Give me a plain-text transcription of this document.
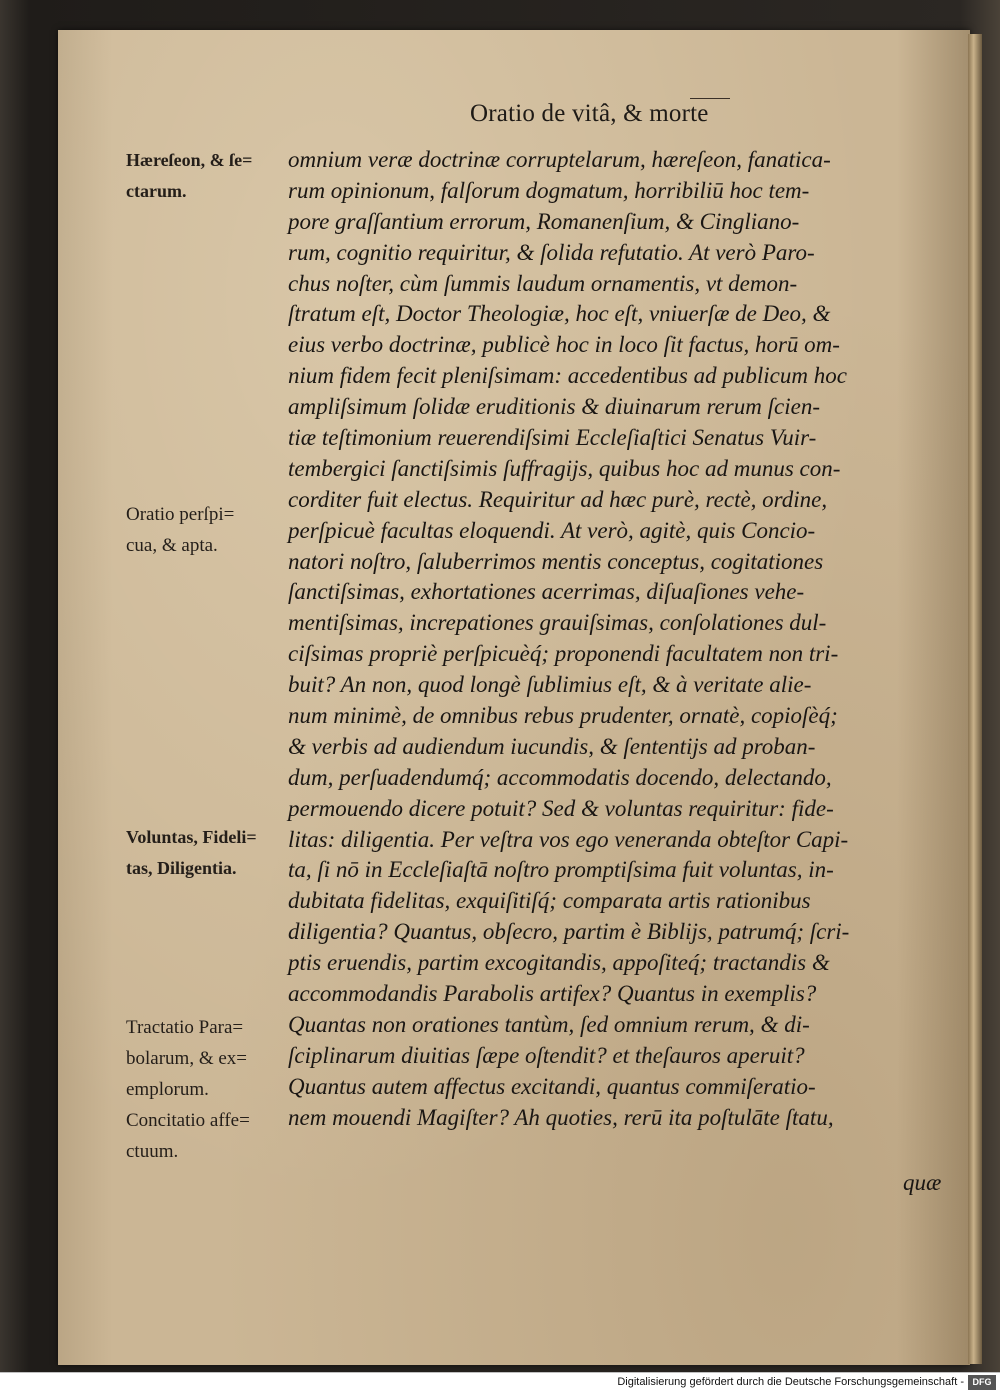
Oratio de vitâ, & morte
omnium veræ doctrinæ corruptelarum, hæreſeon, fanatica-
rum opinionum, falſorum dogmatum, horribiliū hoc tem-
pore graſſantium errorum, Romanenſium, & Cingliano-
rum, cognitio requiritur, & ſolida refutatio. At verò Paro-
chus noſter, cùm ſummis laudum ornamentis, vt demon-
ſtratum eſt, Doctor Theologiæ, hoc eſt, vniuerſæ de Deo, &
eius verbo doctrinæ, publicè hoc in loco ſit factus, horū om-
nium fidem fecit pleniſsimam: accedentibus ad publicum hoc
ampliſsimum ſolidæ eruditionis & diuinarum rerum ſcien-
tiæ teſtimonium reuerendiſsimi Eccleſiaſtici Senatus Vuir-
tembergici ſanctiſsimis ſuffragijs, quibus hoc ad munus con-
corditer fuit electus. Requiritur ad hæc purè, rectè, ordine,
perſpicuè facultas eloquendi. At verò, agitè, quis Concio-
natori noſtro, ſaluberrimos mentis conceptus, cogitationes
ſanctiſsimas, exhortationes acerrimas, diſuaſiones vehe-
mentiſsimas, increpationes grauiſsimas, conſolationes dul-
ciſsimas propriè perſpicuèq́; proponendi facultatem non tri-
buit? An non, quod longè ſublimius eſt, & à veritate alie-
num minimè, de omnibus rebus prudenter, ornatè, copioſèq́;
& verbis ad audiendum iucundis, & ſententijs ad proban-
dum, perſuadendumq́; accommodatis docendo, delectando,
permouendo dicere potuit? Sed & voluntas requiritur: fide-
litas: diligentia. Per veſtra vos ego veneranda obteſtor Capi-
ta, ſi nō in Eccleſiaſtā noſtro promptiſsima fuit voluntas, in-
dubitata fidelitas, exquiſitiſq́; comparata artis rationibus
diligentia? Quantus, obſecro, partim è Biblijs, patrumq́; ſcri-
ptis eruendis, partim excogitandis, appoſiteq́; tractandis &
accommodandis Parabolis artifex? Quantus in exemplis?
Quantas non orationes tantùm, ſed omnium rerum, & di-
ſciplinarum diuitias ſæpe oſtendit? et theſauros aperuit?
Quantus autem affectus excitandi, quantus commiſeratio-
nem mouendi Magiſter? Ah quoties, rerū ita poſtulāte ſtatu,
quæ
Hæreſeon, & ſe=
ctarum.
Oratio perſpi=
cua, & apta.
Voluntas, Fideli=
tas, Diligentia.
Tractatio Para=
bolarum, & ex=
emplorum.
Concitatio affe=
ctuum.
Digitalisierung gefördert durch die Deutsche Forschungsgemeinschaft - DFG
